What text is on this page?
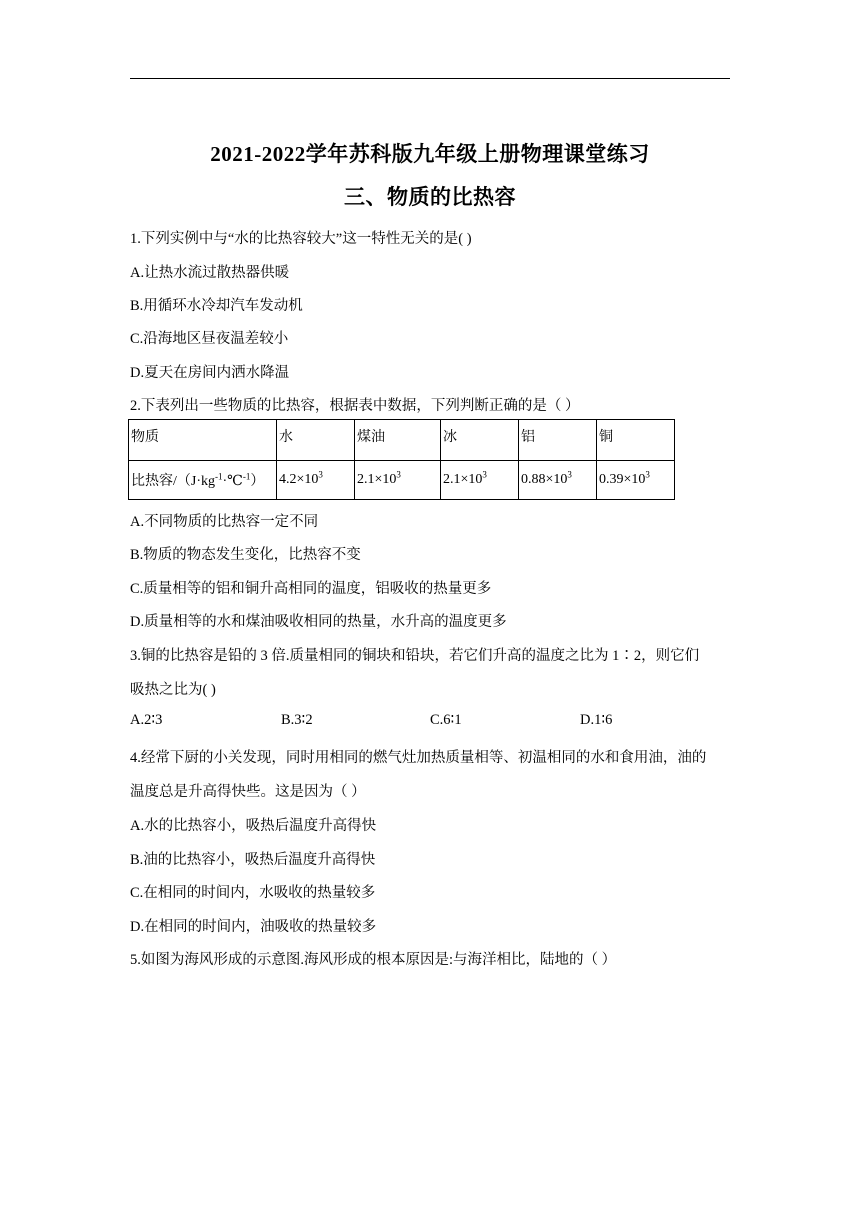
2021-2022学年苏科版九年级上册物理课堂练习
三、物质的比热容
1.下列实例中与“水的比热容较大”这一特性无关的是( )
A.让热水流过散热器供暖
B.用循环水冷却汽车发动机
C.沿海地区昼夜温差较小
D.夏天在房间内洒水降温
2.下表列出一些物质的比热容，根据表中数据，下列判断正确的是（ ）
物质	水	煤油	冰	铝	铜
比热容$/(J\cdot kg^{-1}\cdot℃^{-1})$	$4.2\times 10^3$	$2.1\times 10^3$	$2.1\times 10^3$	$0.88\times 10^3$	$0.39\times 10^3$
A.不同物质的比热容一定不同
B.物质的物态发生变化，比热容不变
C.质量相等的铝和铜升高相同的温度，铝吸收的热量更多
D.质量相等的水和煤油吸收相同的热量，水升高的温度更多
3.铜的比热容是铅的 3 倍.质量相同的铜块和铅块，若它们升高的温度之比为 1∶2，则它们
吸热之比为( )
A.2∶3	B.3∶2	C.6∶1	D.1∶6
4.经常下厨的小关发现，同时用相同的燃气灶加热质量相等、初温相同的水和食用油，油的
温度总是升高得快些。这是因为（ ）
A.水的比热容小，吸热后温度升高得快
B.油的比热容小，吸热后温度升高得快
C.在相同的时间内，水吸收的热量较多
D.在相同的时间内，油吸收的热量较多
5.如图为海风形成的示意图.海风形成的根本原因是:与海洋相比，陆地的（ ）
